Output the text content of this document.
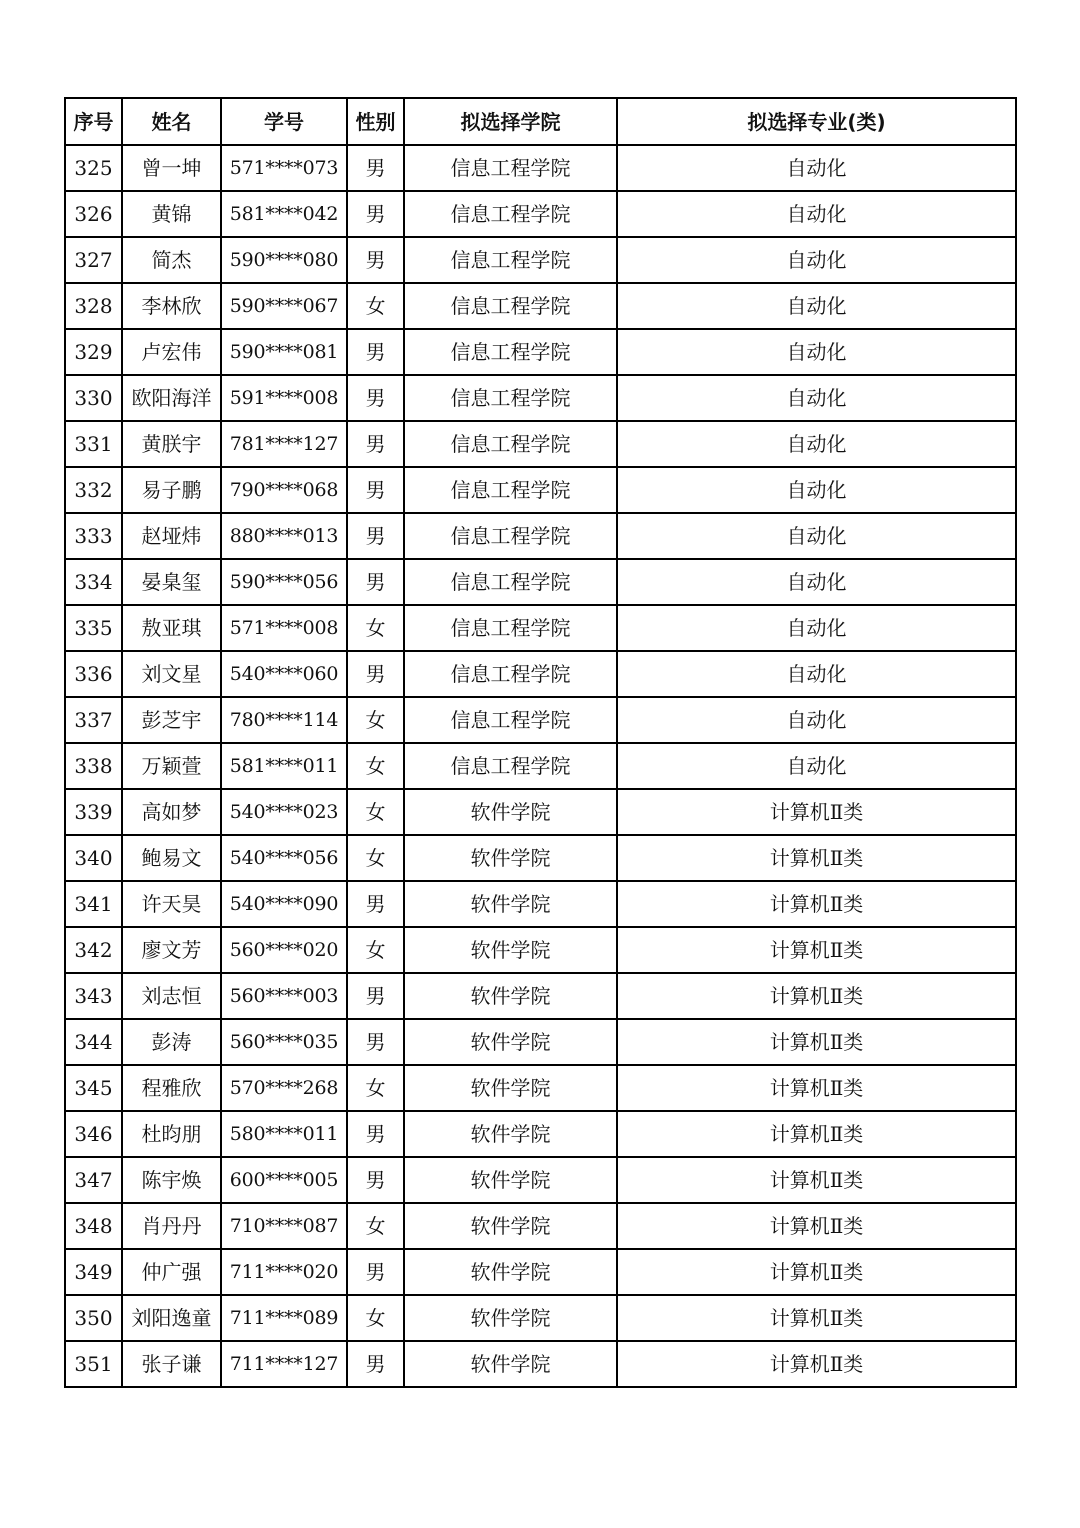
序号	姓名	学号	性别	拟选择学院	拟选择专业(类)
325	曾一坤	571****073	男	信息工程学院	自动化
326	黄锦	581****042	男	信息工程学院	自动化
327	简杰	590****080	男	信息工程学院	自动化
328	李林欣	590****067	女	信息工程学院	自动化
329	卢宏伟	590****081	男	信息工程学院	自动化
330	欧阳海洋	591****008	男	信息工程学院	自动化
331	黄朕宇	781****127	男	信息工程学院	自动化
332	易子鹏	790****068	男	信息工程学院	自动化
333	赵垭炜	880****013	男	信息工程学院	自动化
334	晏臬玺	590****056	男	信息工程学院	自动化
335	敖亚琪	571****008	女	信息工程学院	自动化
336	刘文星	540****060	男	信息工程学院	自动化
337	彭芝宇	780****114	女	信息工程学院	自动化
338	万颖萱	581****011	女	信息工程学院	自动化
339	高如梦	540****023	女	软件学院	计算机Ⅱ类
340	鲍易文	540****056	女	软件学院	计算机Ⅱ类
341	许天昊	540****090	男	软件学院	计算机Ⅱ类
342	廖文芳	560****020	女	软件学院	计算机Ⅱ类
343	刘志恒	560****003	男	软件学院	计算机Ⅱ类
344	彭涛	560****035	男	软件学院	计算机Ⅱ类
345	程雅欣	570****268	女	软件学院	计算机Ⅱ类
346	杜昀朋	580****011	男	软件学院	计算机Ⅱ类
347	陈宇焕	600****005	男	软件学院	计算机Ⅱ类
348	肖丹丹	710****087	女	软件学院	计算机Ⅱ类
349	仲广强	711****020	男	软件学院	计算机Ⅱ类
350	刘阳逸童	711****089	女	软件学院	计算机Ⅱ类
351	张子谦	711****127	男	软件学院	计算机Ⅱ类
